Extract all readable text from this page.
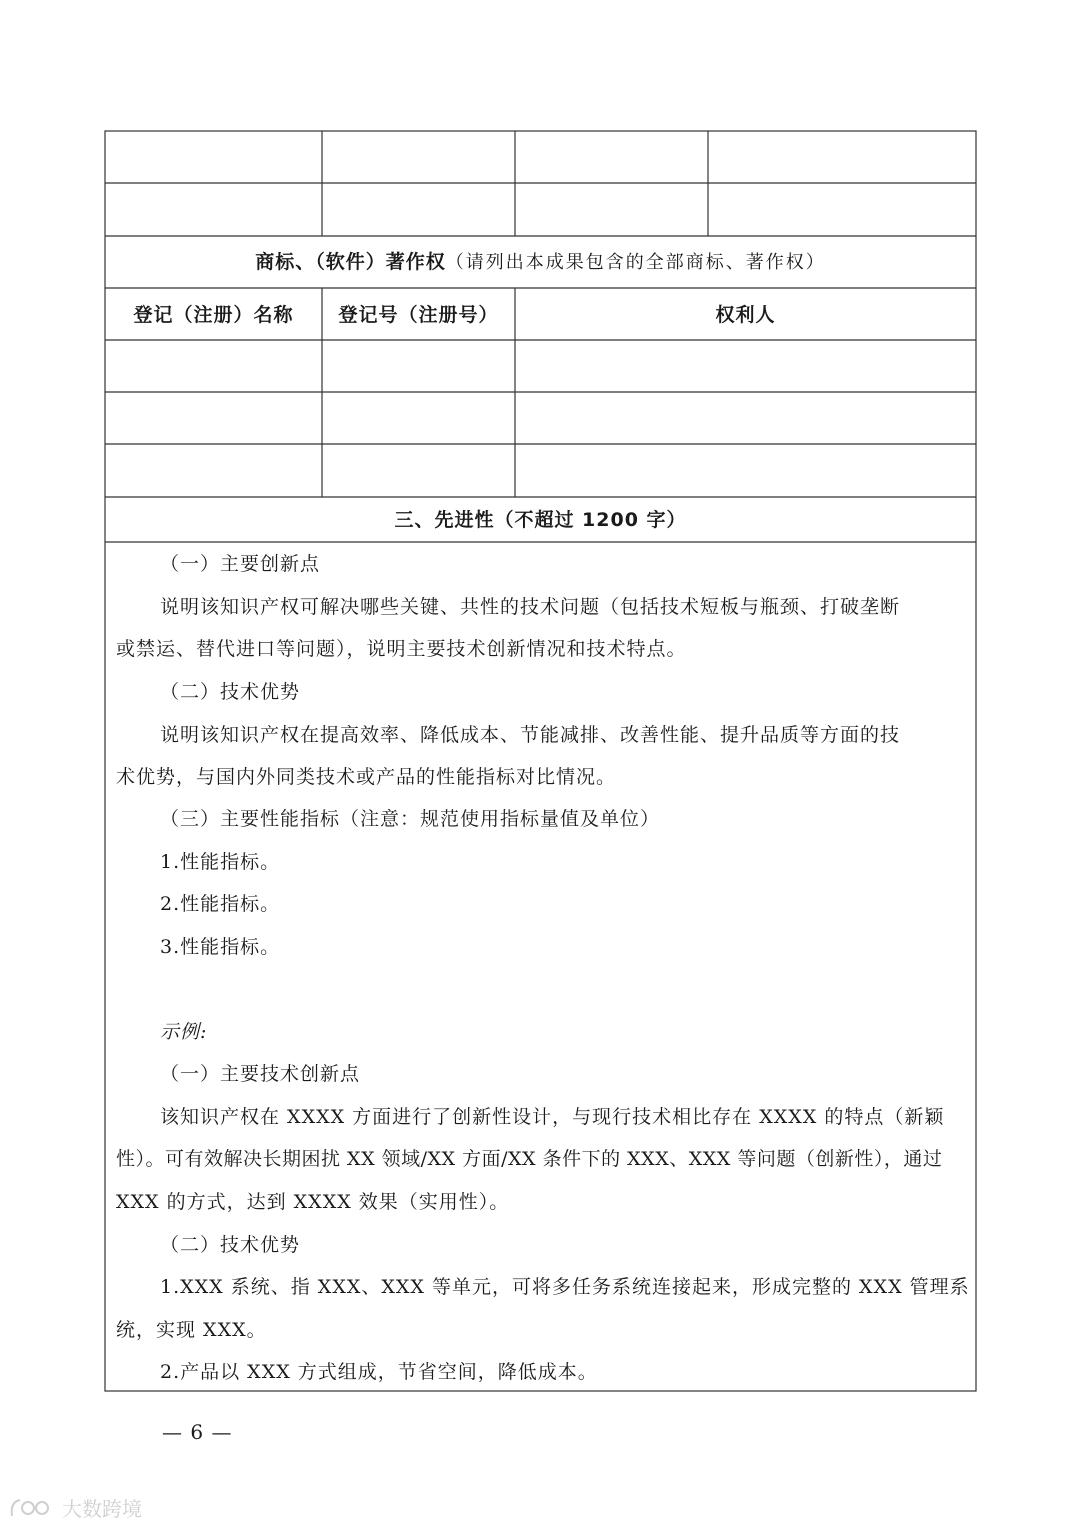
商标、（软件）著作权（请列出本成果包含的全部商标、著作权）
登记（注册）名称	登记号（注册号）	权利人
三、先进性（不超过 1200 字）
（一）主要创新点
说明该知识产权可解决哪些关键、共性的技术问题（包括技术短板与瓶颈、打破垄断
或禁运、替代进口等问题），说明主要技术创新情况和技术特点。
（二）技术优势
说明该知识产权在提高效率、降低成本、节能减排、改善性能、提升品质等方面的技
术优势，与国内外同类技术或产品的性能指标对比情况。
（三）主要性能指标（注意：规范使用指标量值及单位）
1.性能指标。
2.性能指标。
3.性能指标。
示例:
（一）主要技术创新点
该知识产权在 XXXX 方面进行了创新性设计，与现行技术相比存在 XXXX 的特点（新颖
性）。可有效解决长期困扰 XX 领域/XX 方面/XX 条件下的 XXX、XXX 等问题（创新性），通过
XXX 的方式，达到 XXXX 效果（实用性）。
（二）技术优势
1.XXX 系统、指 XXX、XXX 等单元，可将多任务系统连接起来，形成完整的 XXX 管理系
统，实现 XXX。
2.产品以 XXX 方式组成，节省空间，降低成本。
— 6 —
大数跨境
